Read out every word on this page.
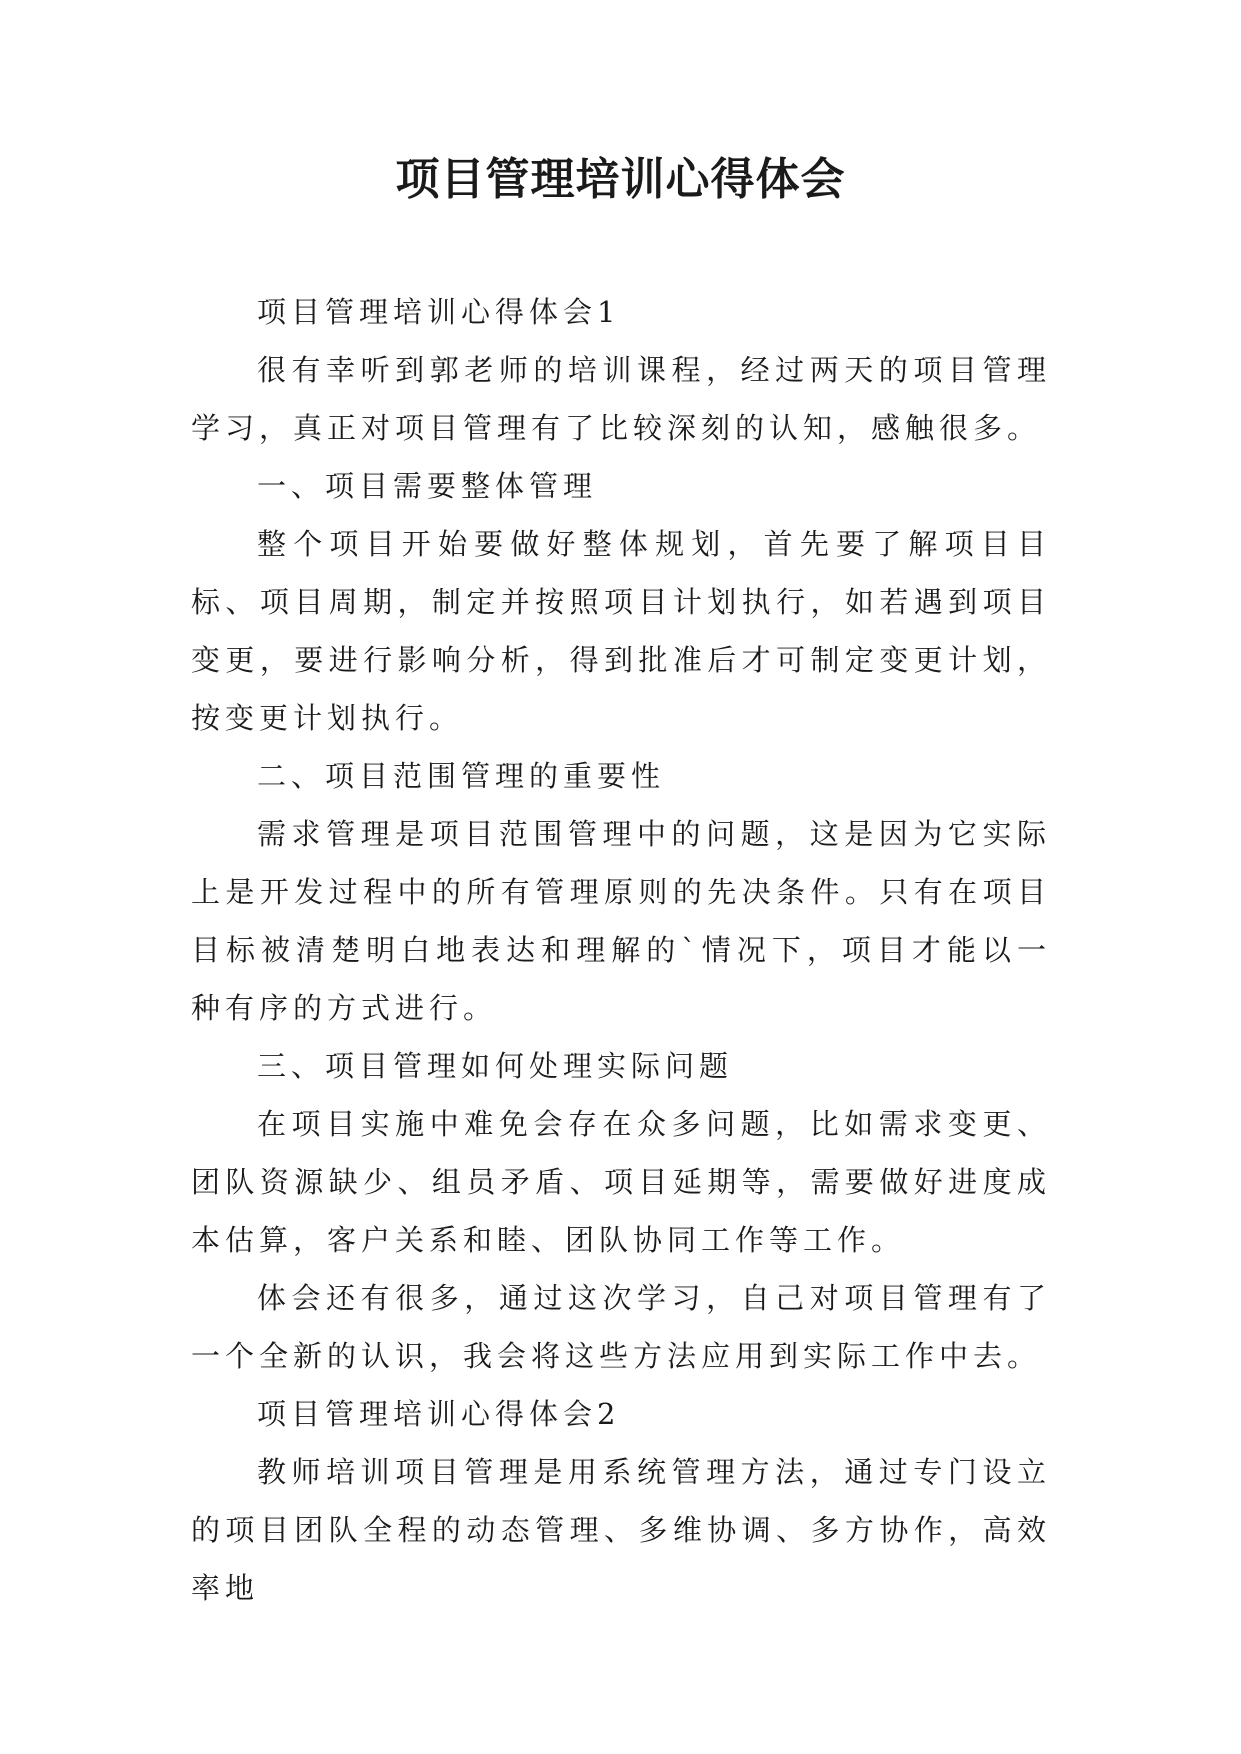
项目管理培训心得体会

项目管理培训心得体会1

很有幸听到郭老师的培训课程，经过两天的项目管理学习，真正对项目管理有了比较深刻的认知，感触很多。

一、项目需要整体管理

整个项目开始要做好整体规划，首先要了解项目目标、项目周期，制定并按照项目计划执行，如若遇到项目变更，要进行影响分析，得到批准后才可制定变更计划，按变更计划执行。

二、项目范围管理的重要性

需求管理是项目范围管理中的问题，这是因为它实际上是开发过程中的所有管理原则的先决条件。只有在项目目标被清楚明白地表达和理解的`情况下，项目才能以一种有序的方式进行。

三、项目管理如何处理实际问题

在项目实施中难免会存在众多问题，比如需求变更、团队资源缺少、组员矛盾、项目延期等，需要做好进度成本估算，客户关系和睦、团队协同工作等工作。

体会还有很多，通过这次学习，自己对项目管理有了一个全新的认识，我会将这些方法应用到实际工作中去。

项目管理培训心得体会2

教师培训项目管理是用系统管理方法，通过专门设立的项目团队全程的动态管理、多维协调、多方协作，高效率地
